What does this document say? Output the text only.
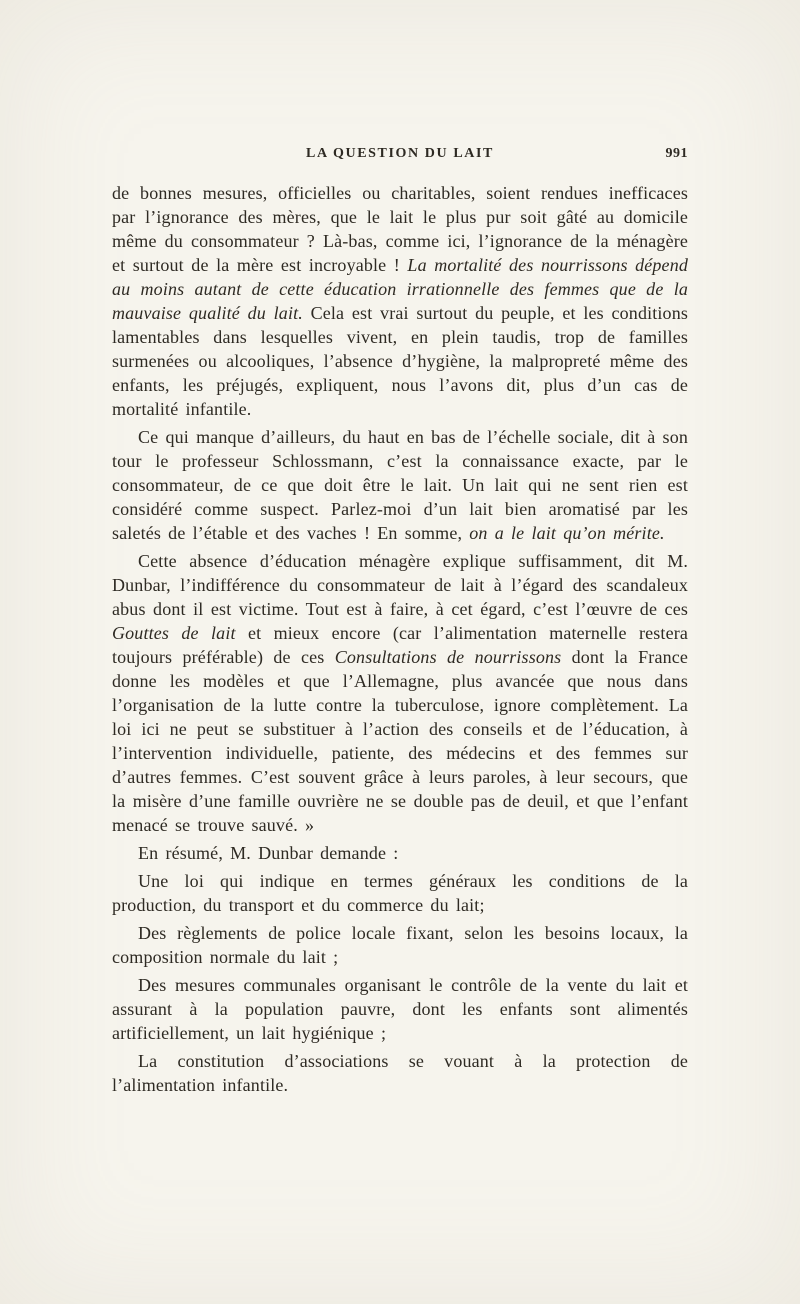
LA QUESTION DU LAIT	991

de bonnes mesures, officielles ou charitables, soient rendues inefficaces par l’ignorance des mères, que le lait le plus pur soit gâté au domicile même du consommateur ? Là-bas, comme ici, l’ignorance de la ménagère et surtout de la mère est incroyable ! La mortalité des nourrissons dépend au moins autant de cette éducation irrationnelle des femmes que de la mauvaise qualité du lait. Cela est vrai surtout du peuple, et les conditions lamentables dans lesquelles vivent, en plein taudis, trop de familles surmenées ou alcooliques, l’absence d’hygiène, la malpropreté même des enfants, les préjugés, expliquent, nous l’avons dit, plus d’un cas de mortalité infantile.

Ce qui manque d’ailleurs, du haut en bas de l’échelle sociale, dit à son tour le professeur Schlossmann, c’est la connaissance exacte, par le consommateur, de ce que doit être le lait. Un lait qui ne sent rien est considéré comme suspect. Parlez-moi d’un lait bien aromatisé par les saletés de l’étable et des vaches ! En somme, on a le lait qu’on mérite.

Cette absence d’éducation ménagère explique suffisamment, dit M. Dunbar, l’indifférence du consommateur de lait à l’égard des scandaleux abus dont il est victime. Tout est à faire, à cet égard, c’est l’œuvre de ces Gouttes de lait et mieux encore (car l’alimentation maternelle restera toujours préférable) de ces Consultations de nourrissons dont la France donne les modèles et que l’Allemagne, plus avancée que nous dans l’organisation de la lutte contre la tuberculose, ignore complètement. La loi ici ne peut se substituer à l’action des conseils et de l’éducation, à l’intervention individuelle, patiente, des médecins et des femmes sur d’autres femmes. C’est souvent grâce à leurs paroles, à leur secours, que la misère d’une famille ouvrière ne se double pas de deuil, et que l’enfant menacé se trouve sauvé. »

En résumé, M. Dunbar demande :

Une loi qui indique en termes généraux les conditions de la production, du transport et du commerce du lait;

Des règlements de police locale fixant, selon les besoins locaux, la composition normale du lait ;

Des mesures communales organisant le contrôle de la vente du lait et assurant à la population pauvre, dont les enfants sont alimentés artificiellement, un lait hygiénique ;

La constitution d’associations se vouant à la protection de l’alimentation infantile.
